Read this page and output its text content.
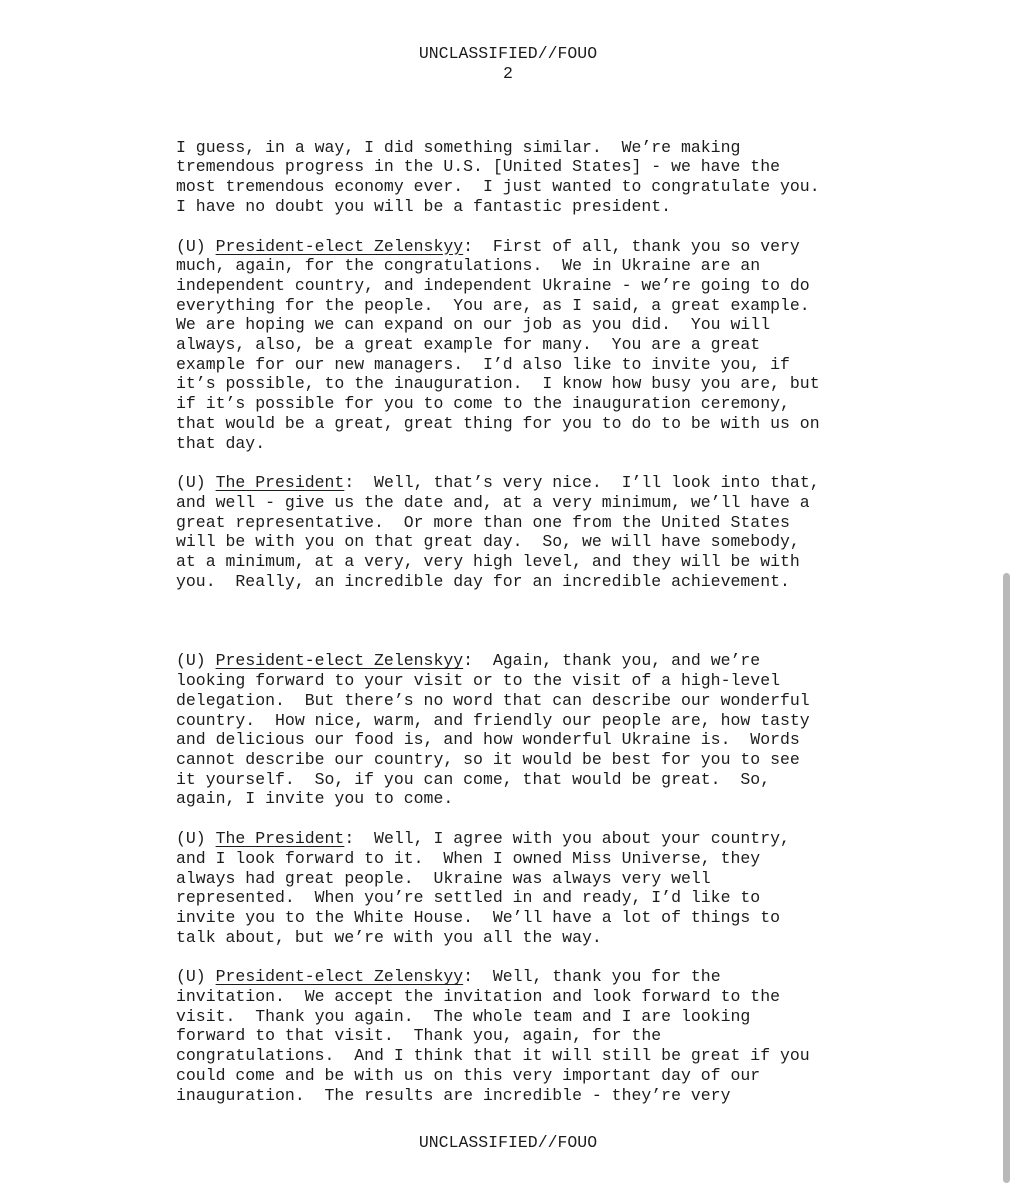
UNCLASSIFIED//FOUO
2

I guess, in a way, I did something similar.  We’re making
tremendous progress in the U.S. [United States] - we have the
most tremendous economy ever.  I just wanted to congratulate you.
I have no doubt you will be a fantastic president.

(U) President-elect Zelenskyy:  First of all, thank you so very
much, again, for the congratulations.  We in Ukraine are an
independent country, and independent Ukraine - we’re going to do
everything for the people.  You are, as I said, a great example.
We are hoping we can expand on our job as you did.  You will
always, also, be a great example for many.  You are a great
example for our new managers.  I’d also like to invite you, if
it’s possible, to the inauguration.  I know how busy you are, but
if it’s possible for you to come to the inauguration ceremony,
that would be a great, great thing for you to do to be with us on
that day.

(U) The President:  Well, that’s very nice.  I’ll look into that,
and well - give us the date and, at a very minimum, we’ll have a
great representative.  Or more than one from the United States
will be with you on that great day.  So, we will have somebody,
at a minimum, at a very, very high level, and they will be with
you.  Really, an incredible day for an incredible achievement.

(U) President-elect Zelenskyy:  Again, thank you, and we’re
looking forward to your visit or to the visit of a high-level
delegation.  But there’s no word that can describe our wonderful
country.  How nice, warm, and friendly our people are, how tasty
and delicious our food is, and how wonderful Ukraine is.  Words
cannot describe our country, so it would be best for you to see
it yourself.  So, if you can come, that would be great.  So,
again, I invite you to come.

(U) The President:  Well, I agree with you about your country,
and I look forward to it.  When I owned Miss Universe, they
always had great people.  Ukraine was always very well
represented.  When you’re settled in and ready, I’d like to
invite you to the White House.  We’ll have a lot of things to
talk about, but we’re with you all the way.

(U) President-elect Zelenskyy:  Well, thank you for the
invitation.  We accept the invitation and look forward to the
visit.  Thank you again.  The whole team and I are looking
forward to that visit.  Thank you, again, for the
congratulations.  And I think that it will still be great if you
could come and be with us on this very important day of our
inauguration.  The results are incredible - they’re very

UNCLASSIFIED//FOUO
